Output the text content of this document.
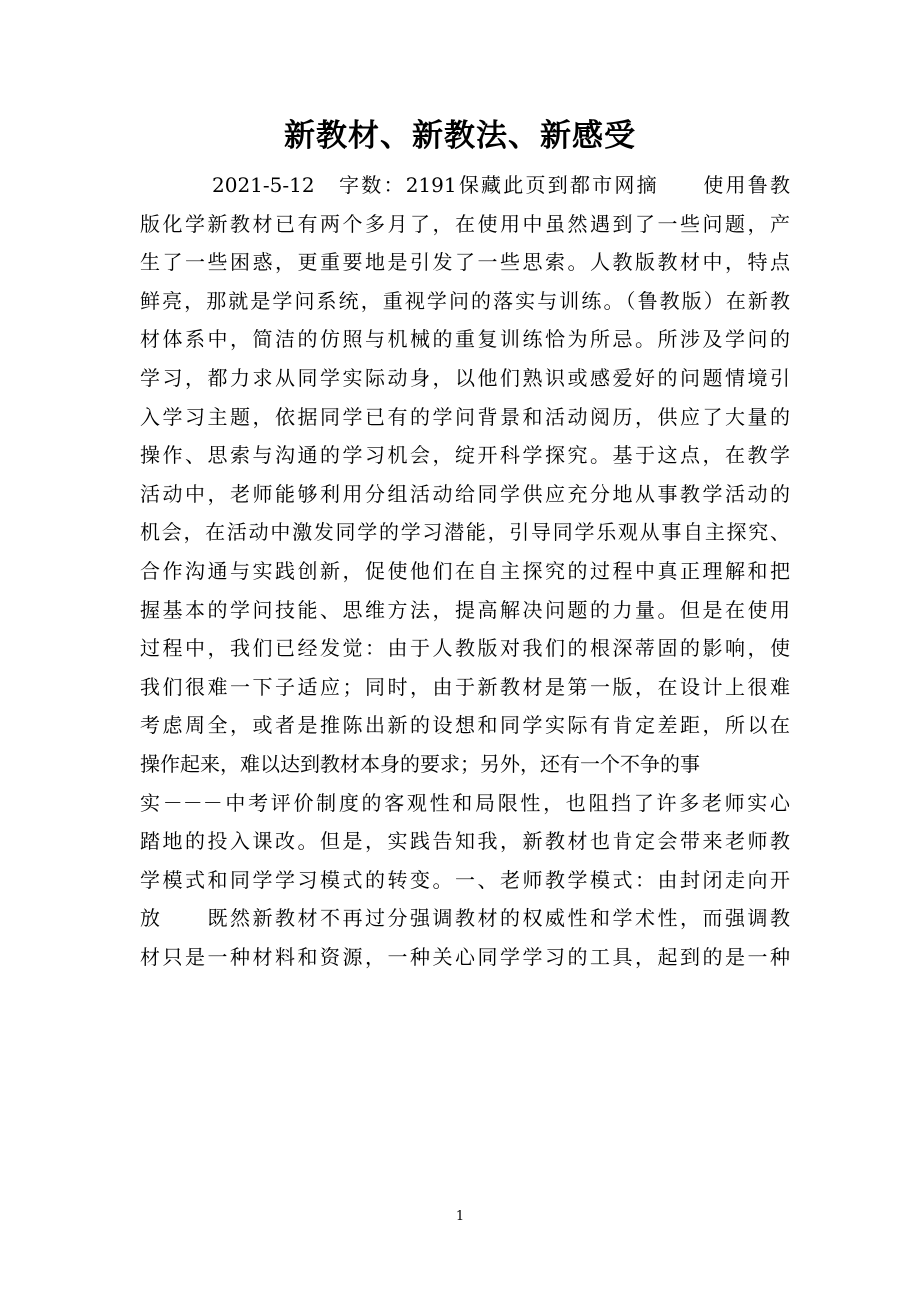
新教材、新教法、新感受
2021-5-12　字数：2191保藏此页到都市网摘　　使用鲁教
版化学新教材已有两个多月了，在使用中虽然遇到了一些问题，产
生了一些困惑，更重要地是引发了一些思索。人教版教材中，特点
鲜亮，那就是学问系统，重视学问的落实与训练。（鲁教版）在新教
材体系中，简洁的仿照与机械的重复训练恰为所忌。所涉及学问的
学习，都力求从同学实际动身，以他们熟识或感爱好的问题情境引
入学习主题，依据同学已有的学问背景和活动阅历，供应了大量的
操作、思索与沟通的学习机会，绽开科学探究。基于这点，在教学
活动中，老师能够利用分组活动给同学供应充分地从事教学活动的
机会，在活动中激发同学的学习潜能，引导同学乐观从事自主探究、
合作沟通与实践创新，促使他们在自主探究的过程中真正理解和把
握基本的学问技能、思维方法，提高解决问题的力量。但是在使用
过程中，我们已经发觉：由于人教版对我们的根深蒂固的影响，使
我们很难一下子适应；同时，由于新教材是第一版，在设计上很难
考虑周全，或者是推陈出新的设想和同学实际有肯定差距，所以在
操作起来，难以达到教材本身的要求；另外，还有一个不争的事
实－－－中考评价制度的客观性和局限性，也阻挡了许多老师实心
踏地的投入课改。但是，实践告知我，新教材也肯定会带来老师教
学模式和同学学习模式的转变。一、老师教学模式：由封闭走向开
放　　既然新教材不再过分强调教材的权威性和学术性，而强调教
材只是一种材料和资源，一种关心同学学习的工具，起到的是一种
1
